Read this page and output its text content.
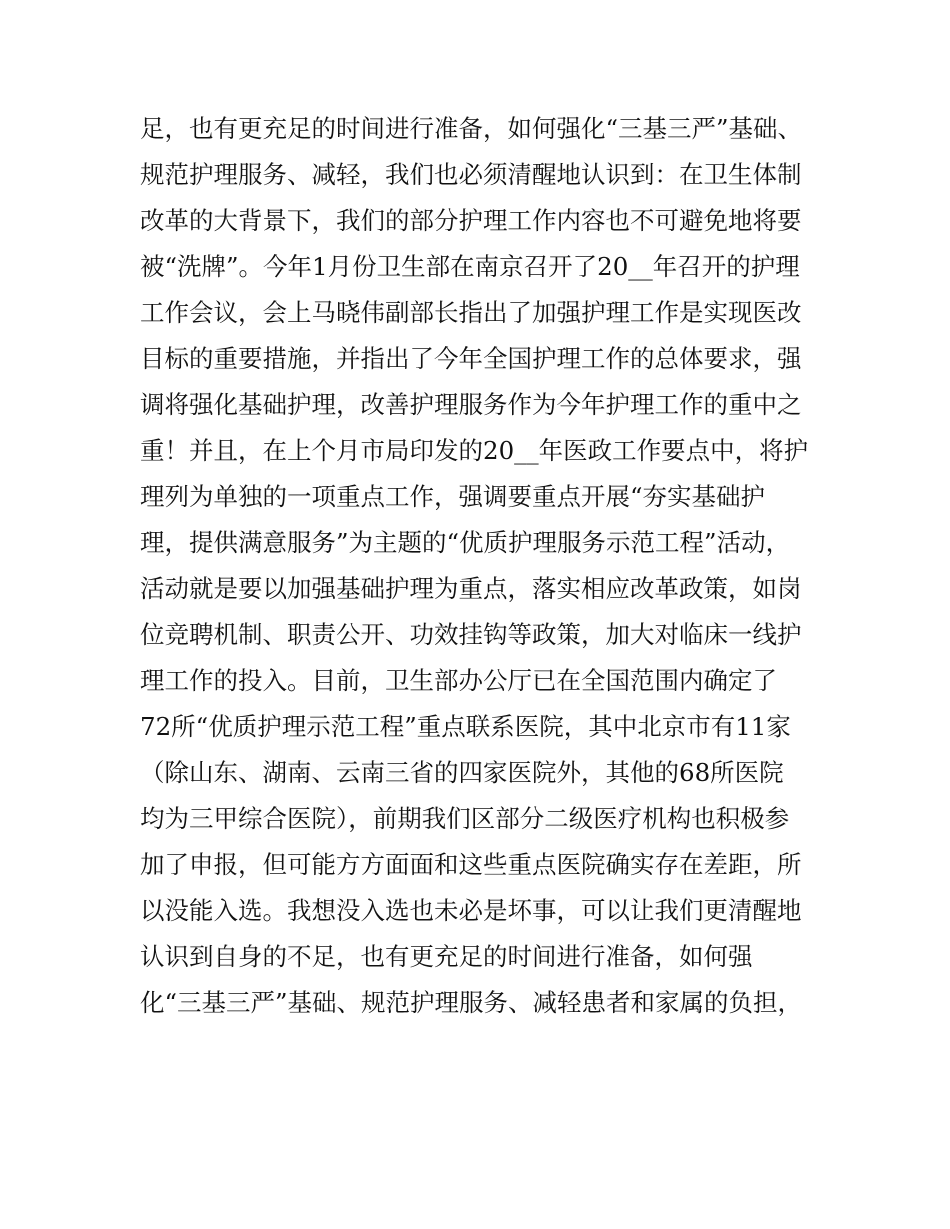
足，也有更充足的时间进行准备，如何强化“三基三严”基础、
规范护理服务、减轻，我们也必须清醒地认识到：在卫生体制
改革的大背景下，我们的部分护理工作内容也不可避免地将要
被“洗牌”。今年1月份卫生部在南京召开了20__年召开的护理
工作会议，会上马晓伟副部长指出了加强护理工作是实现医改
目标的重要措施，并指出了今年全国护理工作的总体要求，强
调将强化基础护理，改善护理服务作为今年护理工作的重中之
重！并且，在上个月市局印发的20__年医政工作要点中，将护
理列为单独的一项重点工作，强调要重点开展“夯实基础护
理，提供满意服务”为主题的“优质护理服务示范工程”活动，
活动就是要以加强基础护理为重点，落实相应改革政策，如岗
位竞聘机制、职责公开、功效挂钩等政策，加大对临床一线护
理工作的投入。目前，卫生部办公厅已在全国范围内确定了
72所“优质护理示范工程”重点联系医院，其中北京市有11家
（除山东、湖南、云南三省的四家医院外，其他的68所医院
均为三甲综合医院），前期我们区部分二级医疗机构也积极参
加了申报，但可能方方面面和这些重点医院确实存在差距，所
以没能入选。我想没入选也未必是坏事，可以让我们更清醒地
认识到自身的不足，也有更充足的时间进行准备，如何强
化“三基三严”基础、规范护理服务、减轻患者和家属的负担，
